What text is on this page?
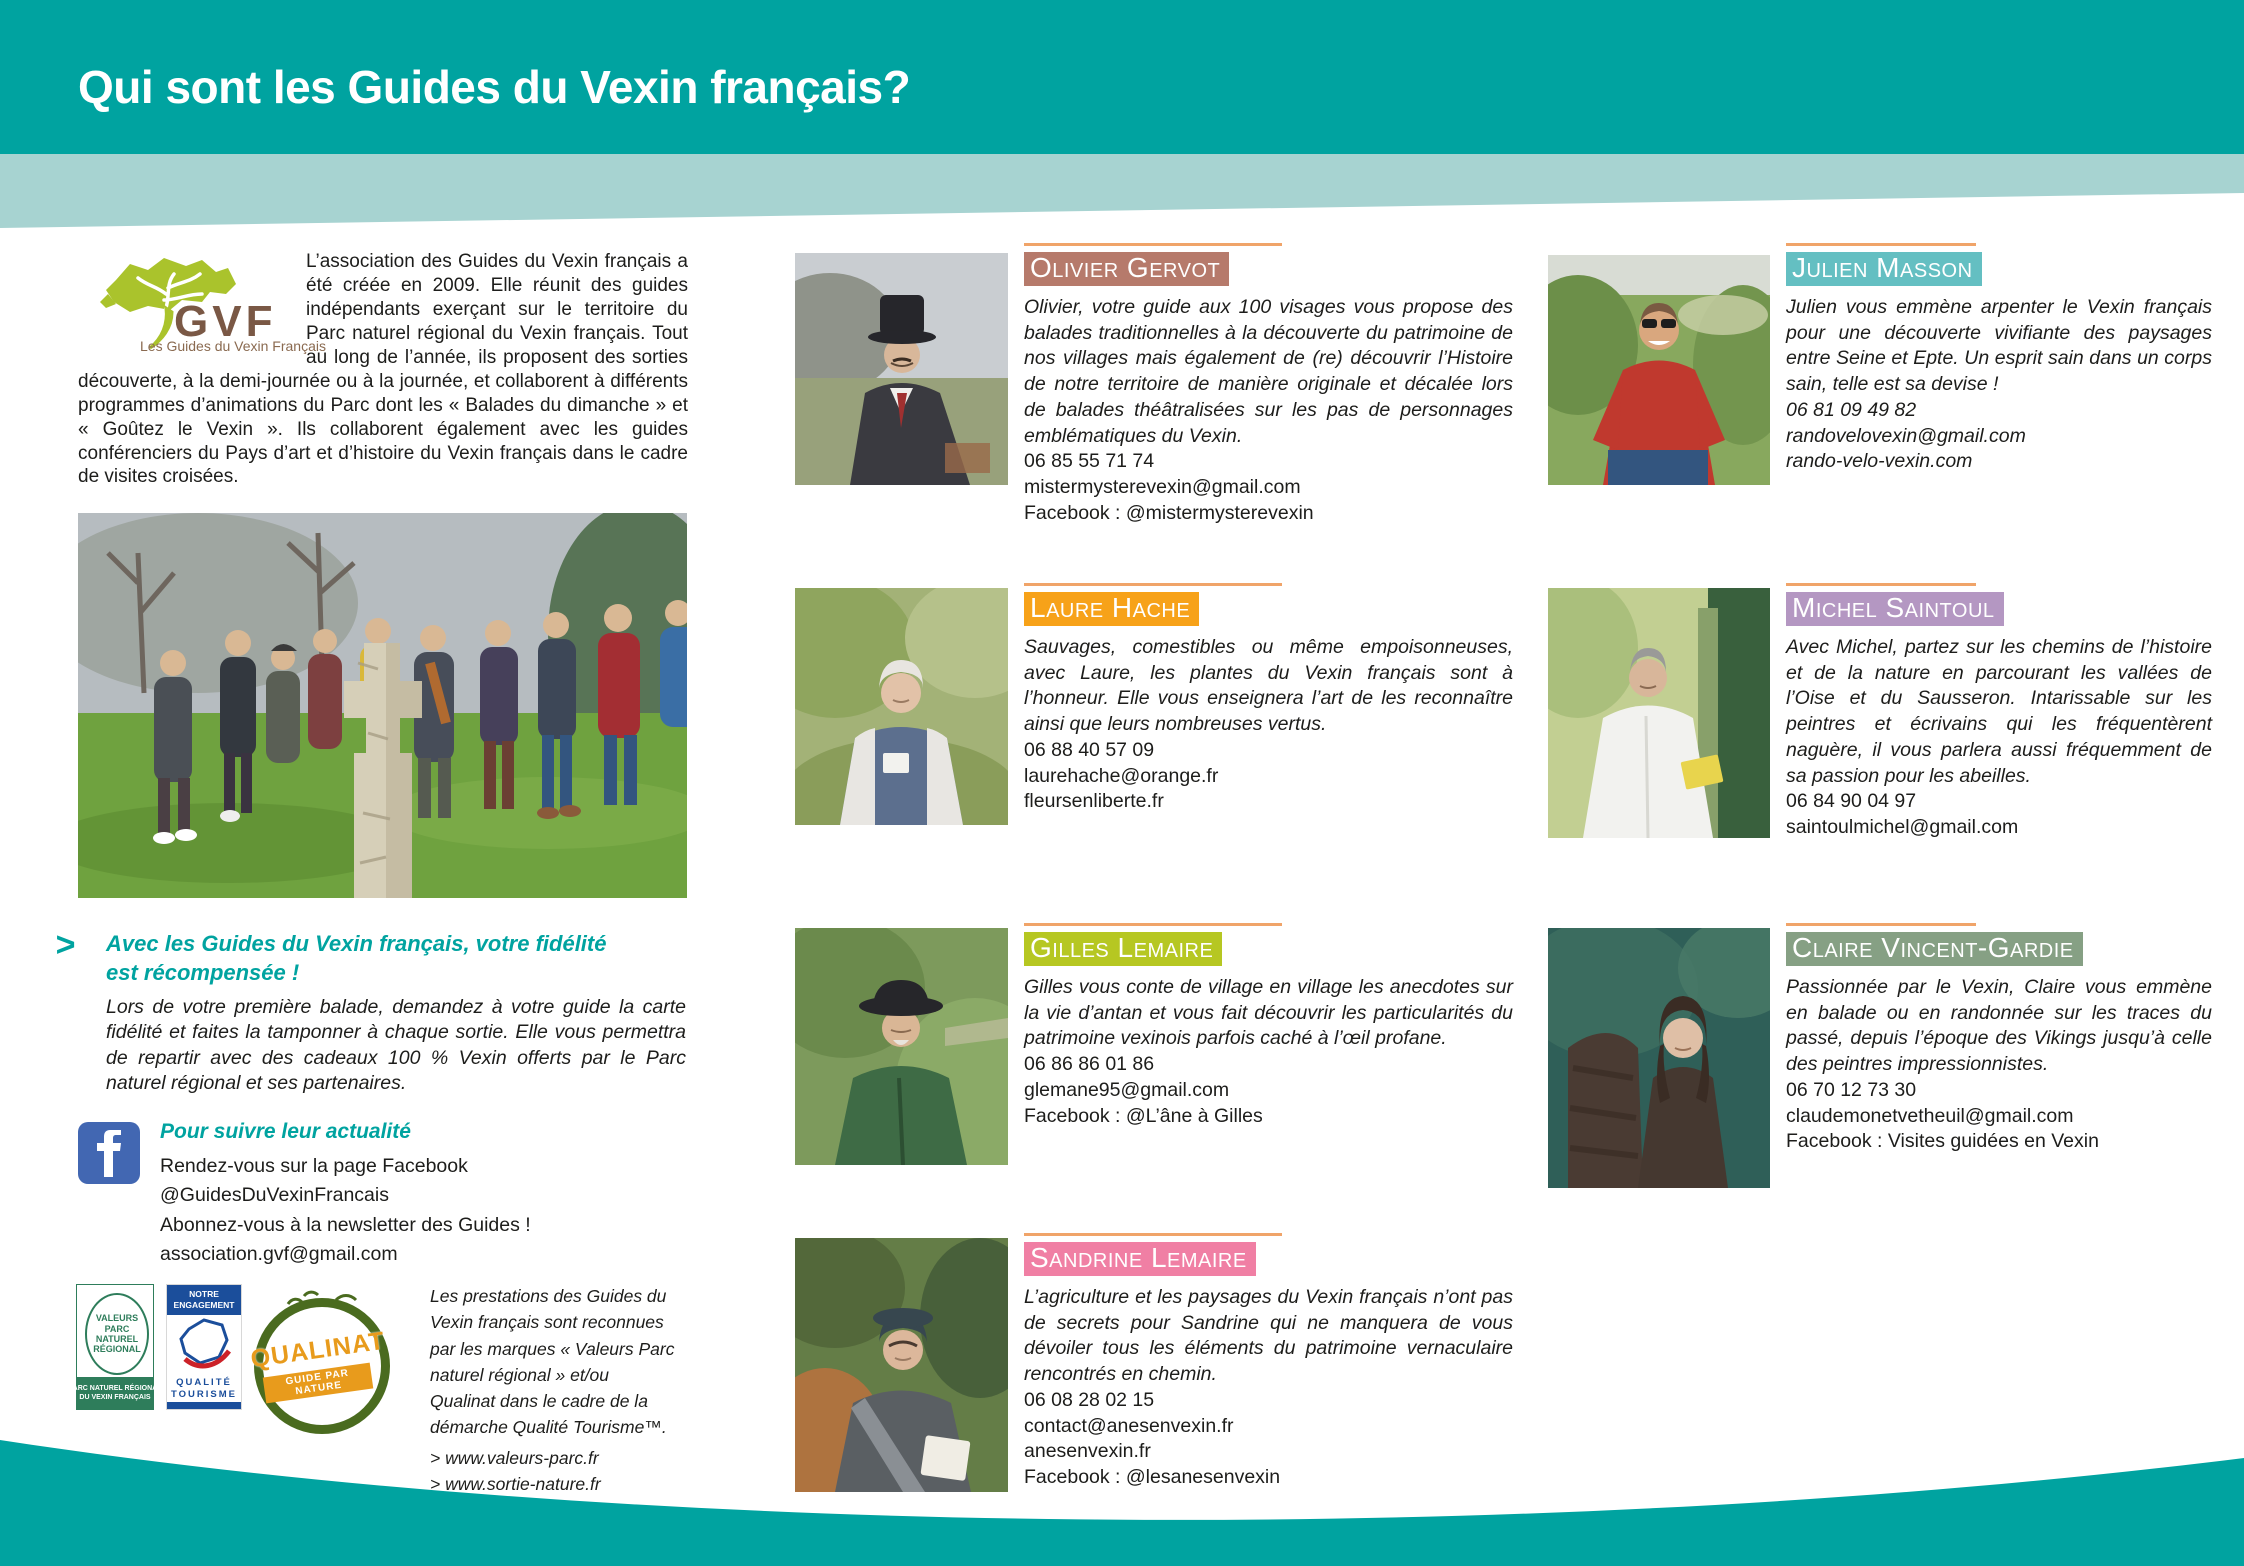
Qui sont les Guides du Vexin français?
GVF
Les Guides du Vexin Français
L’association des Guides du Vexin français a été créée en 2009. Elle réunit des guides indépendants exerçant sur le territoire du Parc naturel régional du Vexin français. Tout au long de l’année, ils proposent des sorties découverte, à la demi-journée ou à la journée, et collaborent à différents programmes d’animations du Parc dont les « Balades du dimanche » et « Goûtez le Vexin ». Ils collaborent également avec les guides conférenciers du Pays d’art et d’histoire du Vexin français dans le cadre de visites croisées.
> Avec les Guides du Vexin français, votre fidélité est récompensée !
Lors de votre première balade, demandez à votre guide la carte fidélité et faites la tamponner à chaque sortie. Elle vous permettra de repartir avec des cadeaux 100 % Vexin offerts par le Parc naturel régional et ses partenaires.
Pour suivre leur actualité
Rendez-vous sur la page Facebook @GuidesDuVexinFrancais
Abonnez-vous à la newsletter des Guides !
association.gvf@gmail.com
VALEURS
PARC
NATUREL
RÉGIONAL
PARC NATUREL RÉGIONAL
DU VEXIN FRANÇAIS
NOTRE
ENGAGEMENT
QUALITÉ
TOURISME
QUALINAT
GUIDE PAR NATURE
Les prestations des Guides du Vexin français sont reconnues par les marques « Valeurs Parc naturel régional » et/ou Qualinat dans le cadre de la démarche Qualité Tourisme™.
> www.valeurs-parc.fr
> www.sortie-nature.fr
Olivier Gervot
Olivier, votre guide aux 100 visages vous propose des balades traditionnelles à la découverte du patrimoine de nos villages mais également de (re) découvrir l’Histoire de notre territoire de manière originale et décalée lors de balades théâtralisées sur les pas de personnages emblématiques du Vexin.
06 85 55 71 74
mistermysterevexin@gmail.com
Facebook : @mistermysterevexin
Laure Hache
Sauvages, comestibles ou même empoisonneuses, avec Laure, les plantes du Vexin français sont à l’honneur. Elle vous enseignera l’art de les reconnaître ainsi que leurs nombreuses vertus.
06 88 40 57 09
laurehache@orange.fr
fleursenliberte.fr
Gilles Lemaire
Gilles vous conte de village en village les anecdotes sur la vie d’antan et vous fait découvrir les particularités du patrimoine vexinois parfois caché à l’œil profane.
06 86 86 01 86
glemane95@gmail.com
Facebook : @L’âne à Gilles
Sandrine Lemaire
L’agriculture et les paysages du Vexin français n’ont pas de secrets pour Sandrine qui ne manquera de vous dévoiler tous les éléments du patrimoine vernaculaire rencontrés en chemin.
06 08 28 02 15
contact@anesenvexin.fr
anesenvexin.fr
Facebook : @lesanesenvexin
Julien Masson
Julien vous emmène arpenter le Vexin français pour une découverte vivifiante des paysages entre Seine et Epte. Un esprit sain dans un corps sain, telle est sa devise !
06 81 09 49 82
randovelovexin@gmail.com
rando-velo-vexin.com
Michel Saintoul
Avec Michel, partez sur les chemins de l’histoire et de la nature en parcourant les vallées de l’Oise et du Sausseron. Intarissable sur les peintres et écrivains qui les fréquentèrent naguère, il vous parlera aussi fréquemment de sa passion pour les abeilles.
06 84 90 04 97
saintoulmichel@gmail.com
Claire Vincent-Gardie
Passionnée par le Vexin, Claire vous emmène en balade ou en randonnée sur les traces du passé, depuis l’époque des Vikings jusqu’à celle des peintres impressionnistes.
06 70 12 73 30
claudemonetvetheuil@gmail.com
Facebook : Visites guidées en Vexin
